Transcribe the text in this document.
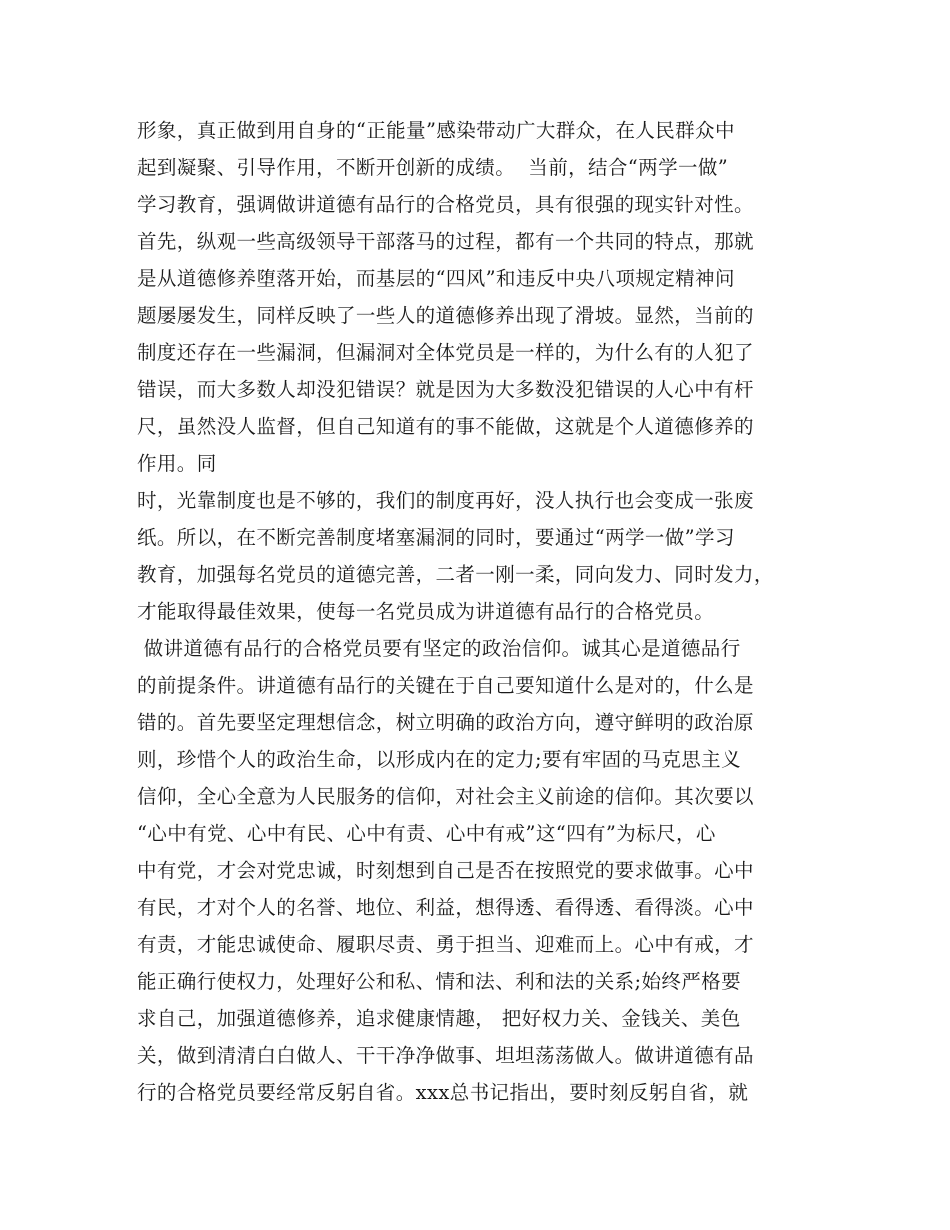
形象，真正做到用自身的“正能量”感染带动广大群众，在人民群众中
起到凝聚、引导作用，不断开创新的成绩。  当前，结合“两学一做”
学习教育，强调做讲道德有品行的合格党员，具有很强的现实针对性。
首先，纵观一些高级领导干部落马的过程，都有一个共同的特点，那就
是从道德修养堕落开始，而基层的“四风”和违反中央八项规定精神问
题屡屡发生，同样反映了一些人的道德修养出现了滑坡。显然，当前的
制度还存在一些漏洞，但漏洞对全体党员是一样的，为什么有的人犯了
错误，而大多数人却没犯错误？就是因为大多数没犯错误的人心中有杆
尺，虽然没人监督，但自己知道有的事不能做，这就是个人道德修养的
作用。同
时，光靠制度也是不够的，我们的制度再好，没人执行也会变成一张废
纸。所以，在不断完善制度堵塞漏洞的同时，要通过“两学一做”学习
教育，加强每名党员的道德完善，二者一刚一柔，同向发力、同时发力，
才能取得最佳效果，使每一名党员成为讲道德有品行的合格党员。
做讲道德有品行的合格党员要有坚定的政治信仰。诚其心是道德品行
的前提条件。讲道德有品行的关键在于自己要知道什么是对的，什么是
错的。首先要坚定理想信念，树立明确的政治方向，遵守鲜明的政治原
则，珍惜个人的政治生命，以形成内在的定力;要有牢固的马克思主义
信仰，全心全意为人民服务的信仰，对社会主义前途的信仰。其次要以
“心中有党、心中有民、心中有责、心中有戒”这“四有”为标尺，心
中有党，才会对党忠诚，时刻想到自己是否在按照党的要求做事。心中
有民，才对个人的名誉、地位、利益，想得透、看得透、看得淡。心中
有责，才能忠诚使命、履职尽责、勇于担当、迎难而上。心中有戒，才
能正确行使权力，处理好公和私、情和法、利和法的关系;始终严格要
求自己，加强道德修养，追求健康情趣， 把好权力关、金钱关、美色
关，做到清清白白做人、干干净净做事、坦坦荡荡做人。做讲道德有品
行的合格党员要经常反躬自省。xxx总书记指出，要时刻反躬自省，就
